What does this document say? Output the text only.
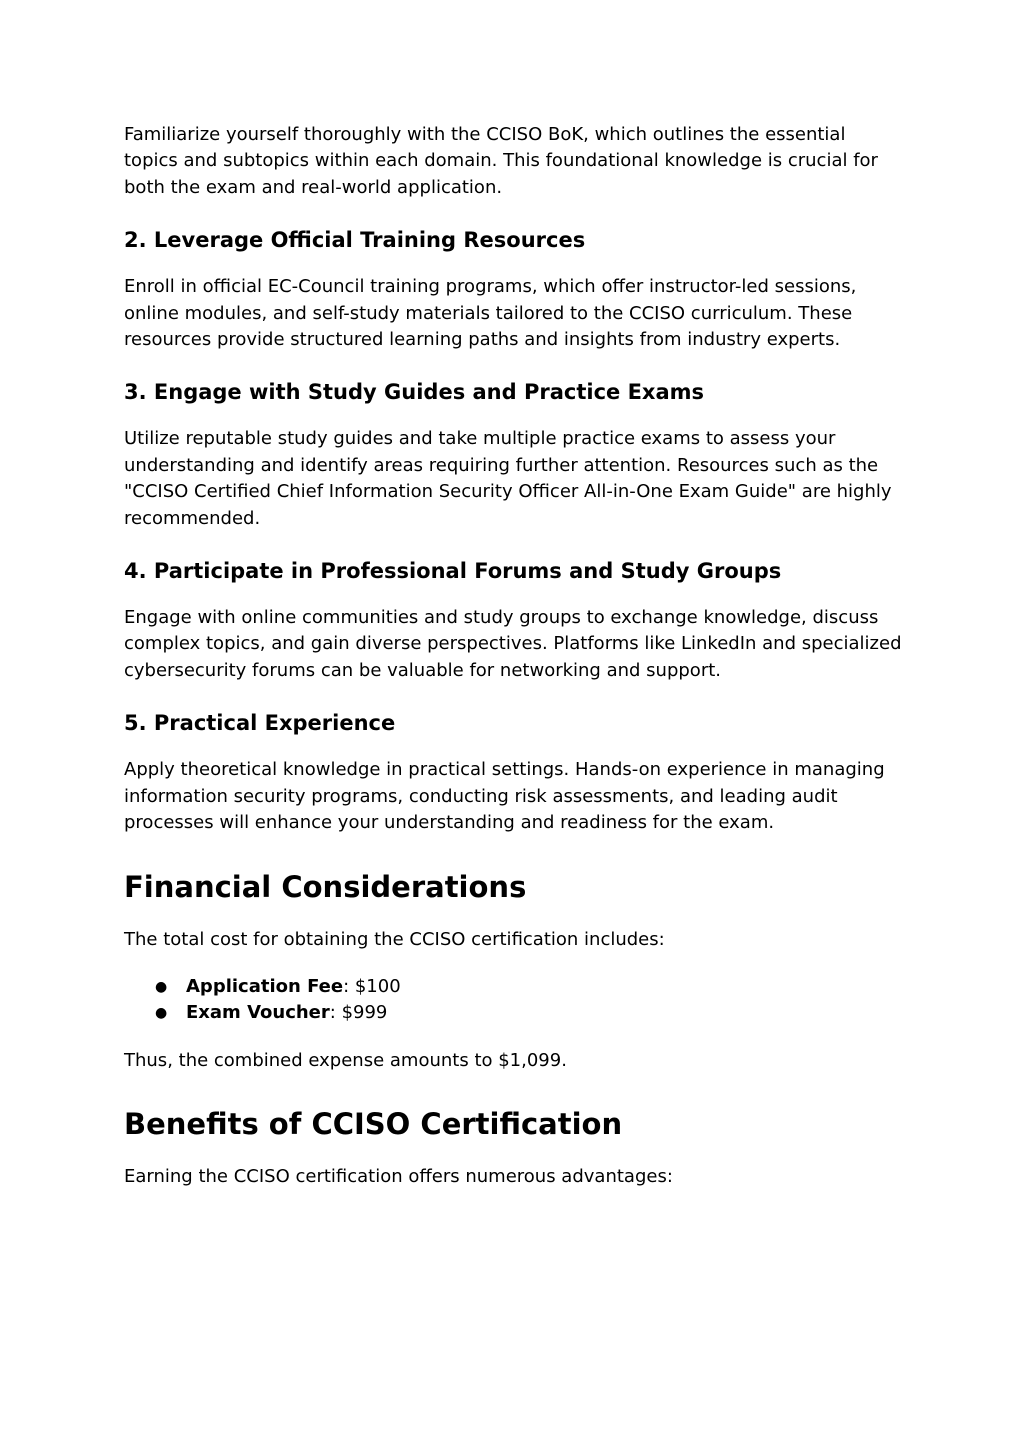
Familiarize yourself thoroughly with the CCISO BoK, which outlines the essential topics and subtopics within each domain. This foundational knowledge is crucial for both the exam and real-world application.

2. Leverage Official Training Resources

Enroll in official EC-Council training programs, which offer instructor-led sessions, online modules, and self-study materials tailored to the CCISO curriculum. These resources provide structured learning paths and insights from industry experts.

3. Engage with Study Guides and Practice Exams

Utilize reputable study guides and take multiple practice exams to assess your understanding and identify areas requiring further attention. Resources such as the "CCISO Certified Chief Information Security Officer All-in-One Exam Guide" are highly recommended.

4. Participate in Professional Forums and Study Groups

Engage with online communities and study groups to exchange knowledge, discuss complex topics, and gain diverse perspectives. Platforms like LinkedIn and specialized cybersecurity forums can be valuable for networking and support.

5. Practical Experience

Apply theoretical knowledge in practical settings. Hands-on experience in managing information security programs, conducting risk assessments, and leading audit processes will enhance your understanding and readiness for the exam.

Financial Considerations

The total cost for obtaining the CCISO certification includes:

●	Application Fee: $100
●	Exam Voucher: $999

Thus, the combined expense amounts to $1,099.

Benefits of CCISO Certification

Earning the CCISO certification offers numerous advantages:
